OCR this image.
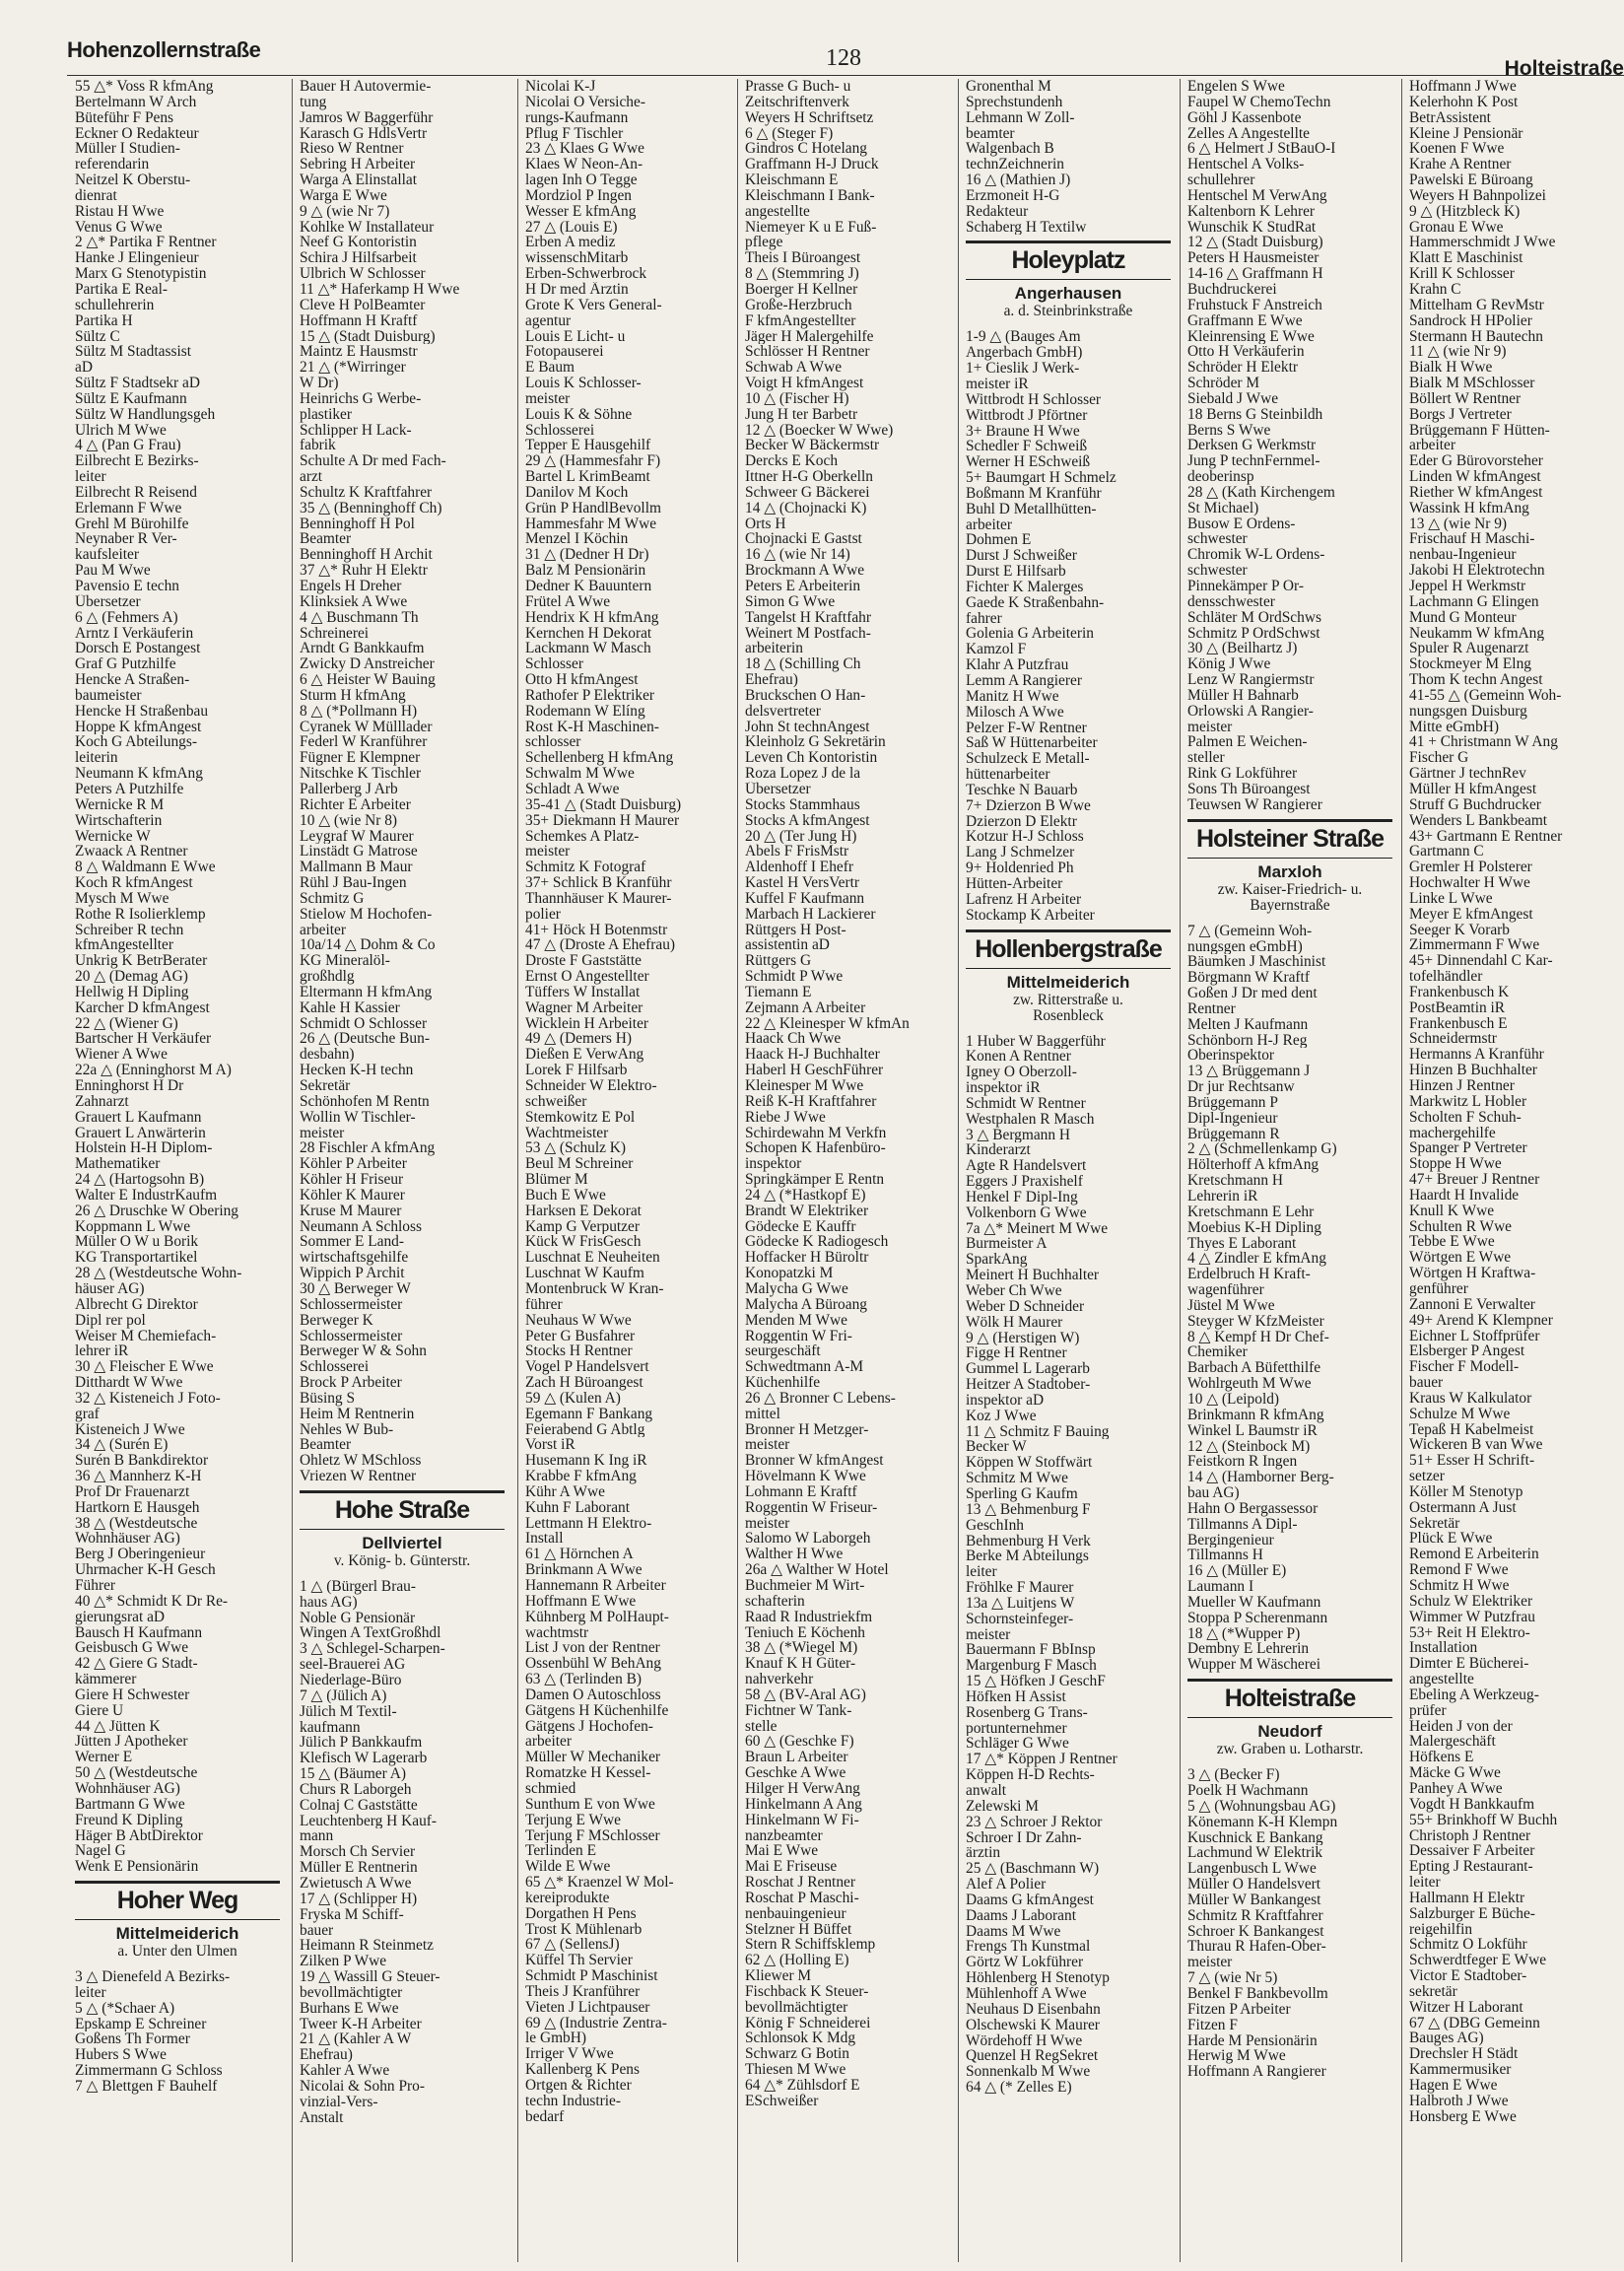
Hohenzollernstraße	128	Holteistraße

55 △* Voss R kfmAng

Bertelmann W Arch

Büteführ F Pens

Eckner O Redakteur

Müller I Studien-

referendarin

Neitzel K Oberstu-

dienrat

Ristau H Wwe

Venus G Wwe

2 △* Partika F Rentner

Hanke J Elingenieur

Marx G Stenotypistin

Partika E Real-

schullehrerin

Partika H

Sültz C

Sültz M Stadtassist

aD

Sültz F Stadtsekr aD

Sültz E Kaufmann

Sültz W Handlungsgeh

Ulrich M Wwe

4 △ (Pan G Frau)

Eilbrecht E Bezirks-

leiter

Eilbrecht R Reisend

Erlemann F Wwe

Grehl M Bürohilfe

Neynaber R Ver-

kaufsleiter

Pau M Wwe

Pavensio E techn

Übersetzer

6 △ (Fehmers A)

Arntz I Verkäuferin

Dorsch E Postangest

Graf G Putzhilfe

Hencke A Straßen-

baumeister

Hencke H Straßenbau

Hoppe K kfmAngest

Koch G Abteilungs-

leiterin

Neumann K kfmAng

Peters A Putzhilfe

Wernicke R M

Wirtschafterin

Wernicke W

Zwaack A Rentner

8 △ Waldmann E Wwe

Koch R kfmAngest

Mysch M Wwe

Rothe R Isolierklemp

Schreiber R techn

kfmAngestellter

Unkrig K BetrBerater

20 △ (Demag AG)

Hellwig H Dipling

Karcher D kfmAngest

22 △ (Wiener G)

Bartscher H Verkäufer

Wiener A Wwe

22a △ (Enninghorst M A)

Enninghorst H Dr

Zahnarzt

Grauert L Kaufmann

Grauert L Anwärterin

Holstein H-H Diplom-

Mathematiker

24 △ (Hartogsohn B)

Walter E IndustrKaufm

26 △ Druschke W Obering

Koppmann L Wwe

Müller O W u Borik

KG Transportartikel

28 △ (Westdeutsche Wohn-

häuser AG)

Albrecht G Direktor

Dipl rer pol

Weiser M Chemiefach-

lehrer iR

30 △ Fleischer E Wwe

Ditthardt W Wwe

32 △ Kisteneich J Foto-

graf

Kisteneich J Wwe

34 △ (Surén E)

Surén B Bankdirektor

36 △ Mannherz K-H

Prof Dr Frauenarzt

Hartkorn E Hausgeh

38 △ (Westdeutsche

Wohnhäuser AG)

Berg J Oberingenieur

Uhrmacher K-H Gesch

Führer

40 △* Schmidt K Dr Re-

gierungsrat aD

Bausch H Kaufmann

Geisbusch G Wwe

42 △ Giere G Stadt-

kämmerer

Giere H Schwester

Giere U

44 △ Jütten K

Jütten J Apotheker

Werner E

50 △ (Westdeutsche

Wohnhäuser AG)

Bartmann G Wwe

Freund K Dipling

Häger B AbtDirektor

Nagel G

Wenk E Pensionärin

Hoher Weg

Mittelmeiderich

a. Unter den Ulmen

3 △ Dienefeld A Bezirks-

leiter

5 △ (*Schaer A)

Epskamp E Schreiner

Goßens Th Former

Hubers S Wwe

Zimmermann G Schloss

7 △ Blettgen F Bauhelf

Bauer H Autovermie-

tung

Jamros W Baggerführ

Karasch G HdlsVertr

Rieso W Rentner

Sebring H Arbeiter

Warga A Elinstallat

Warga E Wwe

9 △ (wie Nr 7)

Kohlke W Installateur

Neef G Kontoristin

Schira J Hilfsarbeit

Ulbrich W Schlosser

11 △* Haferkamp H Wwe

Cleve H PolBeamter

Hoffmann H Kraftf

15 △ (Stadt Duisburg)

Maintz E Hausmstr

21 △ (*Wirringer

W Dr)

Heinrichs G Werbe-

plastiker

Schlipper H Lack-

fabrik

Schulte A Dr med Fach-

arzt

Schultz K Kraftfahrer

35 △ (Benninghoff Ch)

Benninghoff H Pol

Beamter

Benninghoff H Archit

37 △* Ruhr H Elektr

Engels H Dreher

Klinksiek A Wwe

4 △ Buschmann Th

Schreinerei

Arndt G Bankkaufm

Zwicky D Anstreicher

6 △ Heister W Bauing

Sturm H kfmAng

8 △ (*Pollmann H)

Cyranek W Mülllader

Federl W Kranführer

Fügner E Klempner

Nitschke K Tischler

Pallerberg J Arb

Richter E Arbeiter

10 △ (wie Nr 8)

Leygraf W Maurer

Linstädt G Matrose

Mallmann B Maur

Rühl J Bau-Ingen

Schmitz G

Stielow M Hochofen-

arbeiter

10a/14 △ Dohm & Co

KG Mineralöl-

großhdlg

Eltermann H kfmAng

Kahle H Kassier

Schmidt O Schlosser

26 △ (Deutsche Bun-

desbahn)

Hecken K-H techn

Sekretär

Schönhofen M Rentn

Wollin W Tischler-

meister

28 Fischler A kfmAng

Köhler P Arbeiter

Köhler H Friseur

Köhler K Maurer

Kruse M Maurer

Neumann A Schloss

Sommer E Land-

wirtschaftsgehilfe

Wippich P Archit

30 △ Berweger W

Schlossermeister

Berweger K

Schlossermeister

Berweger W & Sohn

Schlosserei

Brock P Arbeiter

Büsing S

Heim M Rentnerin

Nehles W Bub-

Beamter

Ohletz W MSchloss

Vriezen W Rentner

Hohe Straße

Dellviertel

v. König- b. Günterstr.

1 △ (Bürgerl Brau-

haus AG)

Noble G Pensionär

Wingen A TextGroßhdl

3 △ Schlegel-Scharpen-

seel-Brauerei AG

Niederlage-Büro

7 △ (Jülich A)

Jülich M Textil-

kaufmann

Jülich P Bankkaufm

Klefisch W Lagerarb

15 △ (Bäumer A)

Churs R Laborgeh

Colnaj C Gaststätte

Leuchtenberg H Kauf-

mann

Morsch Ch Servier

Müller E Rentnerin

Zwietusch A Wwe

17 △ (Schlipper H)

Fryska M Schiff-

bauer

Heimann R Steinmetz

Zilken P Wwe

19 △ Wassill G Steuer-

bevollmächtigter

Burhans E Wwe

Tweer K-H Arbeiter

21 △ (Kahler A W

Ehefrau)

Kahler A Wwe

Nicolai & Sohn Pro-

vinzial-Vers-

Anstalt

Nicolai K-J

Nicolai O Versiche-

rungs-Kaufmann

Pflug F Tischler

23 △ Klaes G Wwe

Klaes W Neon-An-

lagen Inh O Tegge

Mordziol P Ingen

Wesser E kfmAng

27 △ (Louis E)

Erben A mediz

wissenschMitarb

Erben-Schwerbrock

H Dr med Ärztin

Grote K Vers General-

agentur

Louis E Licht- u

Fotopauserei

E Baum

Louis K Schlosser-

meister

Louis K & Söhne

Schlosserei

Tepper E Hausgehilf

29 △ (Hammesfahr F)

Bartel L KrimBeamt

Danilov M Koch

Grün P HandlBevollm

Hammesfahr M Wwe

Menzel I Köchin

31 △ (Dedner H Dr)

Balz M Pensionärin

Dedner K Bauuntern

Frütel A Wwe

Hendrix K H kfmAng

Kernchen H Dekorat

Lackmann W Masch

Schlosser

Otto H kfmAngest

Rathofer P Elektriker

Rodemann W Elíng

Rost K-H Maschinen-

schlosser

Schellenberg H kfmAng

Schwalm M Wwe

Schladt A Wwe

35-41 △ (Stadt Duisburg)

35+ Diekmann H Maurer

Schemkes A Platz-

meister

Schmitz K Fotograf

37+ Schlick B Kranführ

Thannhäuser K Maurer-

polier

41+ Höck H Botenmstr

47 △ (Droste A Ehefrau)

Droste F Gaststätte

Ernst O Angestellter

Tüffers W Installat

Wagner M Arbeiter

Wicklein H Arbeiter

49 △ (Demers H)

Dießen E VerwAng

Lorek F Hilfsarb

Schneider W Elektro-

schweißer

Stemkowitz E Pol

Wachtmeister

53 △ (Schulz K)

Beul M Schreiner

Blümer M

Buch E Wwe

Harksen E Dekorat

Kamp G Verputzer

Kück W FrisGesch

Luschnat E Neuheiten

Luschnat W Kaufm

Montenbruck W Kran-

führer

Neuhaus W Wwe

Peter G Busfahrer

Stocks H Rentner

Vogel P Handelsvert

Zach H Büroangest

59 △ (Kulen A)

Egemann F Bankang

Feierabend G Abtlg

Vorst iR

Husemann K Ing iR

Krabbe F kfmAng

Kühr A Wwe

Kuhn F Laborant

Lettmann H Elektro-

Install

61 △ Hörnchen A

Brinkmann A Wwe

Hannemann R Arbeiter

Hoffmann E Wwe

Kühnberg M PolHaupt-

wachtmstr

List J von der Rentner

Ossenbühl W BehAng

63 △ (Terlinden B)

Damen O Autoschloss

Gätgens H Küchenhilfe

Gätgens J Hochofen-

arbeiter

Müller W Mechaniker

Romatzke H Kessel-

schmied

Sunthum E von Wwe

Terjung E Wwe

Terjung F MSchlosser

Terlinden E

Wilde E Wwe

65 △* Kraenzel W Mol-

kereiprodukte

Dorgathen H Pens

Trost K Mühlenarb

67 △ (SellensJ)

Küffel Th Servier

Schmidt P Maschinist

Theis J Kranführer

Vieten J Lichtpauser

69 △ (Industrie Zentra-

le GmbH)

Irriger V Wwe

Kallenberg K Pens

Ortgen & Richter

techn Industrie-

bedarf

Prasse G Buch- u

Zeitschriftenverk

Weyers H Schriftsetz

6 △ (Steger F)

Gindros C Hotelang

Graffmann H-J Druck

Kleischmann E

Kleischmann I Bank-

angestellte

Niemeyer K u E Fuß-

pflege

Theis I Büroangest

8 △ (Stemmring J)

Boerger H Kellner

Große-Herzbruch

F kfmAngestellter

Jäger H Malergehilfe

Schlösser H Rentner

Schwab A Wwe

Voigt H kfmAngest

10 △ (Fischer H)

Jung H ter Barbetr

12 △ (Boecker W Wwe)

Becker W Bäckermstr

Dercks E Koch

Ittner H-G Oberkelln

Schweer G Bäckerei

14 △ (Chojnacki K)

Orts H

Chojnacki E Gastst

16 △ (wie Nr 14)

Brockmann A Wwe

Peters E Arbeiterin

Simon G Wwe

Tangelst H Kraftfahr

Weinert M Postfach-

arbeiterin

18 △ (Schilling Ch

Ehefrau)

Bruckschen O Han-

delsvertreter

John St technAngest

Kleinholz G Sekretärin

Leven Ch Kontoristin

Roza Lopez J de la

Übersetzer

Stocks Stammhaus

Stocks A kfmAngest

20 △ (Ter Jung H)

Abels F FrisMstr

Aldenhoff I Ehefr

Kastel H VersVertr

Kuffel F Kaufmann

Marbach H Lackierer

Rüttgers H Post-

assistentin aD

Rüttgers G

Schmidt P Wwe

Tiemann E

Zejmann A Arbeiter

22 △ Kleinesper W kfmAn

Haack Ch Wwe

Haack H-J Buchhalter

Haberl H GeschFührer

Kleinesper M Wwe

Reiß K-H Kraftfahrer

Riebe J Wwe

Schirdewahn M Verkfn

Schopen K Hafenbüro-

inspektor

Springkämper E Rentn

24 △ (*Hastkopf E)

Brandt W Elektriker

Gödecke E Kauffr

Gödecke K Radiogesch

Hoffacker H Büroltr

Konopatzki M

Malycha G Wwe

Malycha A Büroang

Menden M Wwe

Roggentin W Fri-

seurgeschäft

Schwedtmann A-M

Küchenhilfe

26 △ Bronner C Lebens-

mittel

Bronner H Metzger-

meister

Bronner W kfmAngest

Hövelmann K Wwe

Lohmann E Kraftf

Roggentin W Friseur-

meister

Salomo W Laborgeh

Walther H Wwe

26a △ Walther W Hotel

Buchmeier M Wirt-

schafterin

Raad R Industriekfm

Teniuch E Köchenh

38 △ (*Wiegel M)

Knauf K H Güter-

nahverkehr

58 △ (BV-Aral AG)

Fichtner W Tank-

stelle

60 △ (Geschke F)

Braun L Arbeiter

Geschke A Wwe

Hilger H VerwAng

Hinkelmann A Ang

Hinkelmann W Fi-

nanzbeamter

Mai E Wwe

Mai E Friseuse

Roschat J Rentner

Roschat P Maschi-

nenbauingenieur

Stelzner H Büffet

Stern R Schiffsklemp

62 △ (Holling E)

Kliewer M

Fischback K Steuer-

bevollmächtigter

König F Schneiderei

Schlonsok K Mdg

Schwarz G Botin

Thiesen M Wwe

64 △* Zühlsdorf E

ESchweißer

Gronenthal M

Sprechstundenh

Lehmann W Zoll-

beamter

Walgenbach B

technZeichnerin

16 △ (Mathien J)

Erzmoneit H-G

Redakteur

Schaberg H Textilw

Holeyplatz

Angerhausen

a. d. Steinbrinkstraße

1-9 △ (Bauges Am

Angerbach GmbH)

1+ Cieslik J Werk-

meister iR

Wittbrodt H Schlosser

Wittbrodt J Pförtner

3+ Braune H Wwe

Schedler F Schweiß

Werner H ESchweiß

5+ Baumgart H Schmelz

Boßmann M Kranführ

Buhl D Metallhütten-

arbeiter

Dohmen E

Durst J Schweißer

Durst E Hilfsarb

Fichter K Malerges

Gaede K Straßenbahn-

fahrer

Golenia G Arbeiterin

Kamzol F

Klahr A Putzfrau

Lemm A Rangierer

Manitz H Wwe

Milosch A Wwe

Pelzer F-W Rentner

Saß W Hüttenarbeiter

Schulzeck E Metall-

hüttenarbeiter

Teschke N Bauarb

7+ Dzierzon B Wwe

Dzierzon D Elektr

Kotzur H-J Schloss

Lang J Schmelzer

9+ Holdenried Ph

Hütten-Arbeiter

Lafrenz H Arbeiter

Stockamp K Arbeiter

Hollenbergstraße

Mittelmeiderich

zw. Ritterstraße u.
Rosenbleck

1 Huber W Baggerführ

Konen A Rentner

Igney O Oberzoll-

inspektor iR

Schmidt W Rentner

Westphalen R Masch

3 △ Bergmann H

Kinderarzt

Agte R Handelsvert

Eggers J Praxishelf

Henkel F Dipl-Ing

Volkenborn G Wwe

7a △* Meinert M Wwe

Burmeister A

SparkAng

Meinert H Buchhalter

Weber Ch Wwe

Weber D Schneider

Wölk H Maurer

9 △ (Herstigen W)

Figge H Rentner

Gummel L Lagerarb

Heitzer A Stadtober-

inspektor aD

Koz J Wwe

11 △ Schmitz F Bauing

Becker W

Köppen W Stoffwärt

Schmitz M Wwe

Sperling G Kaufm

13 △ Behmenburg F

GeschInh

Behmenburg H Verk

Berke M Abteilungs

leiter

Fröhlke F Maurer

13a △ Luitjens W

Schornsteinfeger-

meister

Bauermann F BbInsp

Margenburg F Masch

15 △ Höfken J GeschF

Höfken H Assist

Rosenberg G Trans-

portunternehmer

Schläger G Wwe

17 △* Köppen J Rentner

Köppen H-D Rechts-

anwalt

Zelewski M

23 △ Schroer J Rektor

Schroer I Dr Zahn-

ärztin

25 △ (Baschmann W)

Alef A Polier

Daams G kfmAngest

Daams J Laborant

Daams M Wwe

Frengs Th Kunstmal

Görtz W Lokführer

Höhlenberg H Stenotyp

Mühlenhoff A Wwe

Neuhaus D Eisenbahn

Olschewski K Maurer

Wördehoff H Wwe

Quenzel H RegSekret

Sonnenkalb M Wwe

64 △ (* Zelles E)

Engelen S Wwe

Faupel W ChemoTechn

Göhl J Kassenbote

Zelles A Angestellte

6 △ Helmert J StBauO-I

Hentschel A Volks-

schullehrer

Hentschel M VerwAng

Kaltenborn K Lehrer

Wunschik K StudRat

12 △ (Stadt Duisburg)

Peters H Hausmeister

14-16 △ Graffmann H

Buchdruckerei

Fruhstuck F Anstreich

Graffmann E Wwe

Kleinrensing E Wwe

Otto H Verkäuferin

Schröder H Elektr

Schröder M

Siebald J Wwe

18 Berns G Steinbildh

Berns S Wwe

Derksen G Werkmstr

Jung P technFernmel-

deoberinsp

28 △ (Kath Kirchengem

St Michael)

Busow E Ordens-

schwester

Chromik W-L Ordens-

schwester

Pinnekämper P Or-

densschwester

Schläter M OrdSchws

Schmitz P OrdSchwst

30 △ (Beilhartz J)

König J Wwe

Lenz W Rangiermstr

Müller H Bahnarb

Orlowski A Rangier-

meister

Palmen E Weichen-

steller

Rink G Lokführer

Sons Th Büroangest

Teuwsen W Rangierer

Holsteiner Straße

Marxloh

zw. Kaiser-Friedrich- u.
Bayernstraße

7 △ (Gemeinn Woh-

nungsgen eGmbH)

Bäumken J Maschinist

Börgmann W Kraftf

Goßen J Dr med dent

Rentner

Melten J Kaufmann

Schönborn H-J Reg

Oberinspektor

13 △ Brüggemann J

Dr jur Rechtsanw

Brüggemann P

Dipl-Ingenieur

Brüggemann R

2 △ (Schmellenkamp G)

Hölterhoff A kfmAng

Kretschmann H

Lehrerin iR

Kretschmann E Lehr

Moebius K-H Dipling

Thyes E Laborant

4 △ Zindler E kfmAng

Erdelbruch H Kraft-

wagenführer

Jüstel M Wwe

Steyger W KfzMeister

8 △ Kempf H Dr Chef-

Chemiker

Barbach A Büfetthilfe

Wohlrgeuth M Wwe

10 △ (Leipold)

Brinkmann R kfmAng

Winkel L Baumstr iR

12 △ (Steinbock M)

Feistkorn R Ingen

14 △ (Hamborner Berg-

bau AG)

Hahn O Bergassessor

Tillmanns A Dipl-

Bergingenieur

Tillmanns H

16 △ (Müller E)

Laumann I

Mueller W Kaufmann

Stoppa P Scherenmann

18 △ (*Wupper P)

Dembny E Lehrerin

Wupper M Wäscherei

Holteistraße

Neudorf

zw. Graben u. Lotharstr.

3 △ (Becker F)

Poelk H Wachmann

5 △ (Wohnungsbau AG)

Könemann K-H Klempn

Kuschnick E Bankang

Lachmund W Elektrik

Langenbusch L Wwe

Müller O Handelsvert

Müller W Bankangest

Schmitz R Kraftfahrer

Schroer K Bankangest

Thurau R Hafen-Ober-

meister

7 △ (wie Nr 5)

Benkel F Bankbevollm

Fitzen P Arbeiter

Fitzen F

Harde M Pensionärin

Herwig M Wwe

Hoffmann A Rangierer

Hoffmann J Wwe

Kelerhohn K Post

BetrAssistent

Kleine J Pensionär

Koenen F Wwe

Krahe A Rentner

Pawelski E Büroang

Weyers H Bahnpolizei

9 △ (Hitzbleck K)

Gronau E Wwe

Hammerschmidt J Wwe

Klatt E Maschinist

Krill K Schlosser

Krahn C

Mittelham G RevMstr

Sandrock H HPolier

Stermann H Bautechn

11 △ (wie Nr 9)

Bialk H Wwe

Bialk M MSchlosser

Böllert W Rentner

Borgs J Vertreter

Brüggemann F Hütten-

arbeiter

Eder G Bürovorsteher

Linden W kfmAngest

Riether W kfmAngest

Wassink H kfmAng

13 △ (wie Nr 9)

Frischauf H Maschi-

nenbau-Ingenieur

Jakobi H Elektrotechn

Jeppel H Werkmstr

Lachmann G Elingen

Mund G Monteur

Neukamm W kfmAng

Spuler R Augenarzt

Stockmeyer M Elng

Thom K techn Angest

41-55 △ (Gemeinn Woh-

nungsgen Duisburg

Mitte eGmbH)

41 + Christmann W Ang

Fischer G

Gärtner J technRev

Müller H kfmAngest

Struff G Buchdrucker

Wenders L Bankbeamt

43+ Gartmann E Rentner

Gartmann C

Gremler H Polsterer

Hochwalter H Wwe

Linke L Wwe

Meyer E kfmAngest

Seeger K Vorarb

Zimmermann F Wwe

45+ Dinnendahl C Kar-

tofelhändler

Frankenbusch K

PostBeamtin iR

Frankenbusch E

Schneidermstr

Hermanns A Kranführ

Hinzen B Buchhalter

Hinzen J Rentner

Markwitz L Hobler

Scholten F Schuh-

machergehilfe

Spanger P Vertreter

Stoppe H Wwe

47+ Breuer J Rentner

Haardt H Invalide

Knull K Wwe

Schulten R Wwe

Tebbe E Wwe

Wörtgen E Wwe

Wörtgen H Kraftwa-

genführer

Zannoni E Verwalter

49+ Arend K Klempner

Eichner L Stoffprüfer

Elsberger P Angest

Fischer F Modell-

bauer

Kraus W Kalkulator

Schulze M Wwe

Tepaß H Kabelmeist

Wickeren B van Wwe

51+ Esser H Schrift-

setzer

Köller M Stenotyp

Ostermann A Just

Sekretär

Plück E Wwe

Remond E Arbeiterin

Remond F Wwe

Schmitz H Wwe

Schulz W Elektriker

Wimmer W Putzfrau

53+ Reit H Elektro-

Installation

Dimter E Bücherei-

angestellte

Ebeling A Werkzeug-

prüfer

Heiden J von der

Malergeschäft

Höfkens E

Mäcke G Wwe

Panhey A Wwe

Vogdt H Bankkaufm

55+ Brinkhoff W Buchh

Christoph J Rentner

Dessaiver F Arbeiter

Epting J Restaurant-

leiter

Hallmann H Elektr

Salzburger E Büche-

reigehilfin

Schmitz O Lokführ

Schwerdtfeger E Wwe

Victor E Stadtober-

sekretär

Witzer H Laborant

67 △ (DBG Gemeinn

Bauges AG)

Drechsler H Städt

Kammermusiker

Hagen E Wwe

Halbroth J Wwe

Honsberg E Wwe
